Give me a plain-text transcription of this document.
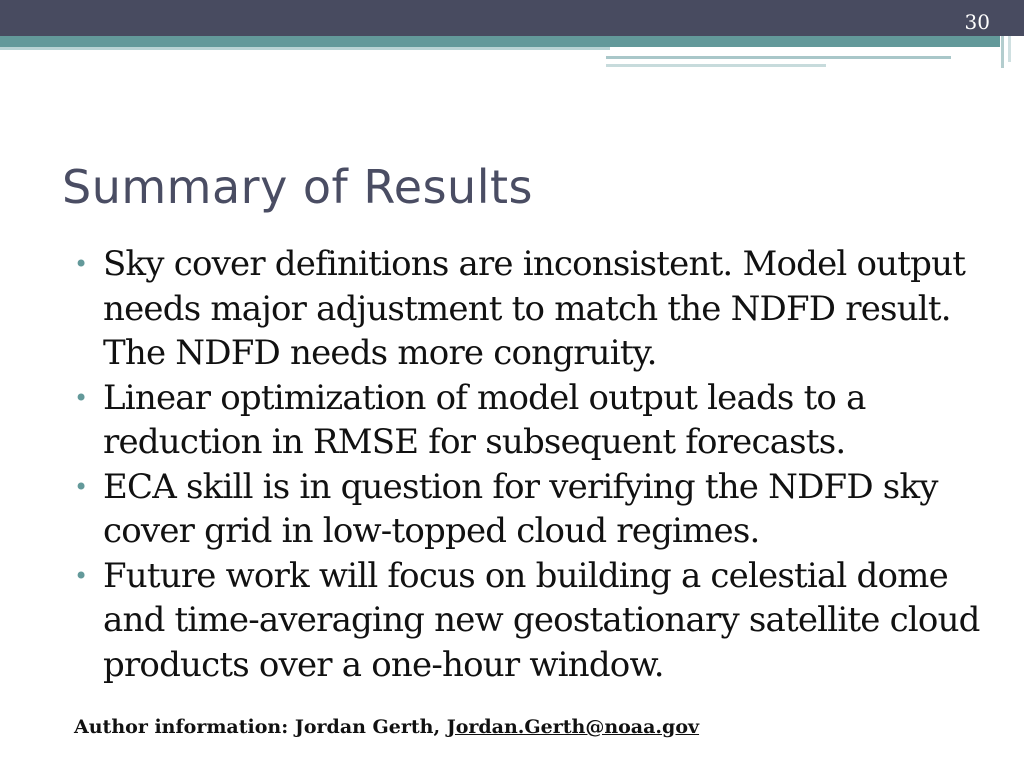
30
Summary of Results
• Sky cover definitions are inconsistent. Model output needs major adjustment to match the NDFD result. The NDFD needs more congruity.
• Linear optimization of model output leads to a reduction in RMSE for subsequent forecasts.
• ECA skill is in question for verifying the NDFD sky cover grid in low-topped cloud regimes.
• Future work will focus on building a celestial dome and time-averaging new geostationary satellite cloud products over a one-hour window.
Author information: Jordan Gerth, Jordan.Gerth@noaa.gov
